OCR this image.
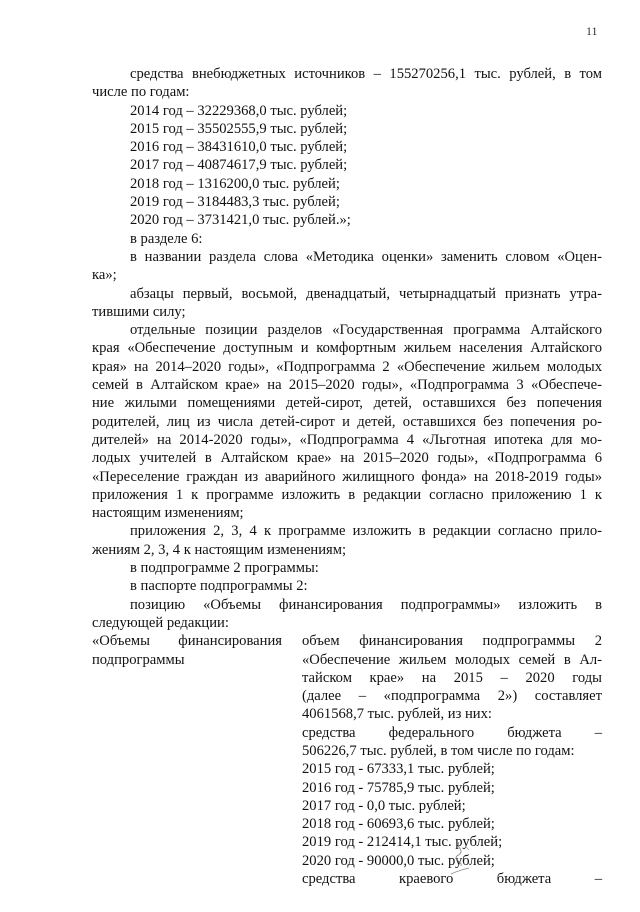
11
средства внебюджетных источников – 155270256,1 тыс. рублей, в том
числе по годам:
2014 год – 32229368,0 тыс. рублей;
2015 год – 35502555,9 тыс. рублей;
2016 год – 38431610,0 тыс. рублей;
2017 год – 40874617,9 тыс. рублей;
2018 год – 1316200,0 тыс. рублей;
2019 год – 3184483,3 тыс. рублей;
2020 год – 3731421,0 тыс. рублей.»;
в разделе 6:
в названии раздела слова «Методика оценки» заменить словом «Оцен-
ка»;
абзацы первый, восьмой, двенадцатый, четырнадцатый признать утра-
тившими силу;
отдельные позиции разделов «Государственная программа Алтайского
края «Обеспечение доступным и комфортным жильем населения Алтайского
края» на 2014–2020 годы», «Подпрограмма 2 «Обеспечение жильем молодых
семей в Алтайском крае» на 2015–2020 годы», «Подпрограмма 3 «Обеспече-
ние жилыми помещениями детей-сирот, детей, оставшихся без попечения
родителей, лиц из числа детей-сирот и детей, оставшихся без попечения ро-
дителей» на 2014-2020 годы», «Подпрограмма 4 «Льготная ипотека для мо-
лодых учителей в Алтайском крае» на 2015–2020 годы», «Подпрограмма 6
«Переселение граждан из аварийного жилищного фонда» на 2018-2019 годы»
приложения 1 к программе изложить в редакции согласно приложению 1 к
настоящим изменениям;
приложения 2, 3, 4 к программе изложить в редакции согласно прило-
жениям 2, 3, 4 к настоящим изменениям;
в подпрограмме 2 программы:
в паспорте подпрограммы 2:
позицию «Объемы финансирования подпрограммы» изложить в
следующей редакции:
«Объемы финансирования
подпрограммы
объем финансирования подпрограммы 2
«Обеспечение жильем молодых семей в Ал-
тайском крае» на 2015 – 2020 годы
(далее – «подпрограмма 2») составляет
4061568,7 тыс. рублей, из них:
средства федерального бюджета –
506226,7 тыс. рублей, в том числе по годам:
2015 год - 67333,1 тыс. рублей;
2016 год - 75785,9 тыс. рублей;
2017 год - 0,0 тыс. рублей;
2018 год - 60693,6 тыс. рублей;
2019 год - 212414,1 тыс. рублей;
2020 год - 90000,0 тыс. рублей;
средства краевого бюджета –
